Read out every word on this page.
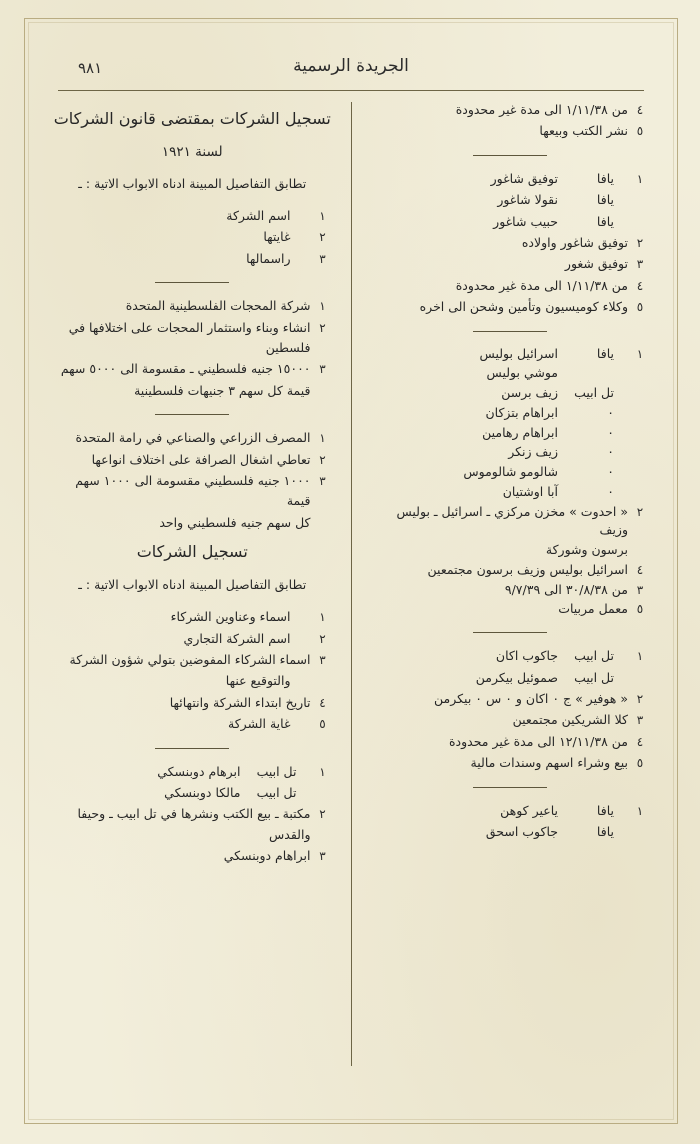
٩٨١	الجريدة الرسمية
٤
من ١/١١/٣٨ الى مدة غير محدودة
٥
نشر الكتب وبيعها
١
يافا
توفيق شاغور
يافا
نقولا شاغور
يافا
حبيب شاغور
٢
توفيق شاغور واولاده
٣
توفيق شغور
٤
من ١/١١/٣٨ الى مدة غير محدودة
٥
وكلاء كوميسيون وتأمين وشحن الى اخره
١
يافا
اسرائيل بوليس
موشي بوليس
تل ابيب
زيف برسن
٠
ابراهام بتزكان
٠
ابراهام رهامين
٠
زيف زنكر
٠
شالومو شالوموس
٠
آبا اوشتيان
٢
« احدوت » مخزن مركزي ـ اسرائيل ـ بوليس وزيف
برسون وشوركة
٤
اسرائيل بوليس وزيف برسون مجتمعين
٣
من ٣٠/٨/٣٨ الى ٩/٧/٣٩
٥
معمل مربيات
١
تل ابيب
جاكوب اكان
تل ابيب
صموئيل بيكرمن
٢
« هوفير » ج ٠ اكان و ٠ س ٠ بيكرمن
٣
كلا الشريكين مجتمعين
٤
من ١٢/١١/٣٨ الى مدة غير محدودة
٥
بيع وشراء اسهم وسندات مالية
١
يافا
ياعير كوهن
يافا
جاكوب اسحق
تسجيل الشركات بمقتضى قانون الشركات
لسنة ١٩٢١
تطابق التفاصيل المبينة ادناه الابواب الاتية : ـ
١
اسم الشركة
٢
غايتها
٣
راسمالها
١
شركة المحجات الفلسطينية المتحدة
٢
انشاء وبناء واستثمار المحجات على اختلافها في فلسطين
٣
١٥٠٠٠ جنيه فلسطيني ـ مقسومة الى ٥٠٠٠ سهم
قيمة كل سهم ٣ جنيهات فلسطينية
١
المصرف الزراعي والصناعي في رامة المتحدة
٢
تعاطي اشغال الصرافة على اختلاف انواعها
٣
١٠٠٠ جنيه فلسطيني مقسومة الى ١٠٠٠ سهم قيمة
كل سهم جنيه فلسطيني واحد
تسجيل الشركات
تطابق التفاصيل المبينة ادناه الابواب الاتية : ـ
١
اسماء وعناوين الشركاء
٢
اسم الشركة التجاري
٣
اسماء الشركاء المفوضين بتولي شؤون الشركة
والتوقيع عنها
٤
تاريخ ابتداء الشركة وانتهائها
٥
غاية الشركة
١
تل ابيب
ابرهام دوبنسكي
تل ابيب
مالكا دوبنسكي
٢
مكتبة ـ بيع الكتب ونشرها في تل ابيب ـ وحيفا والقدس
٣
ابراهام دوبنسكي
